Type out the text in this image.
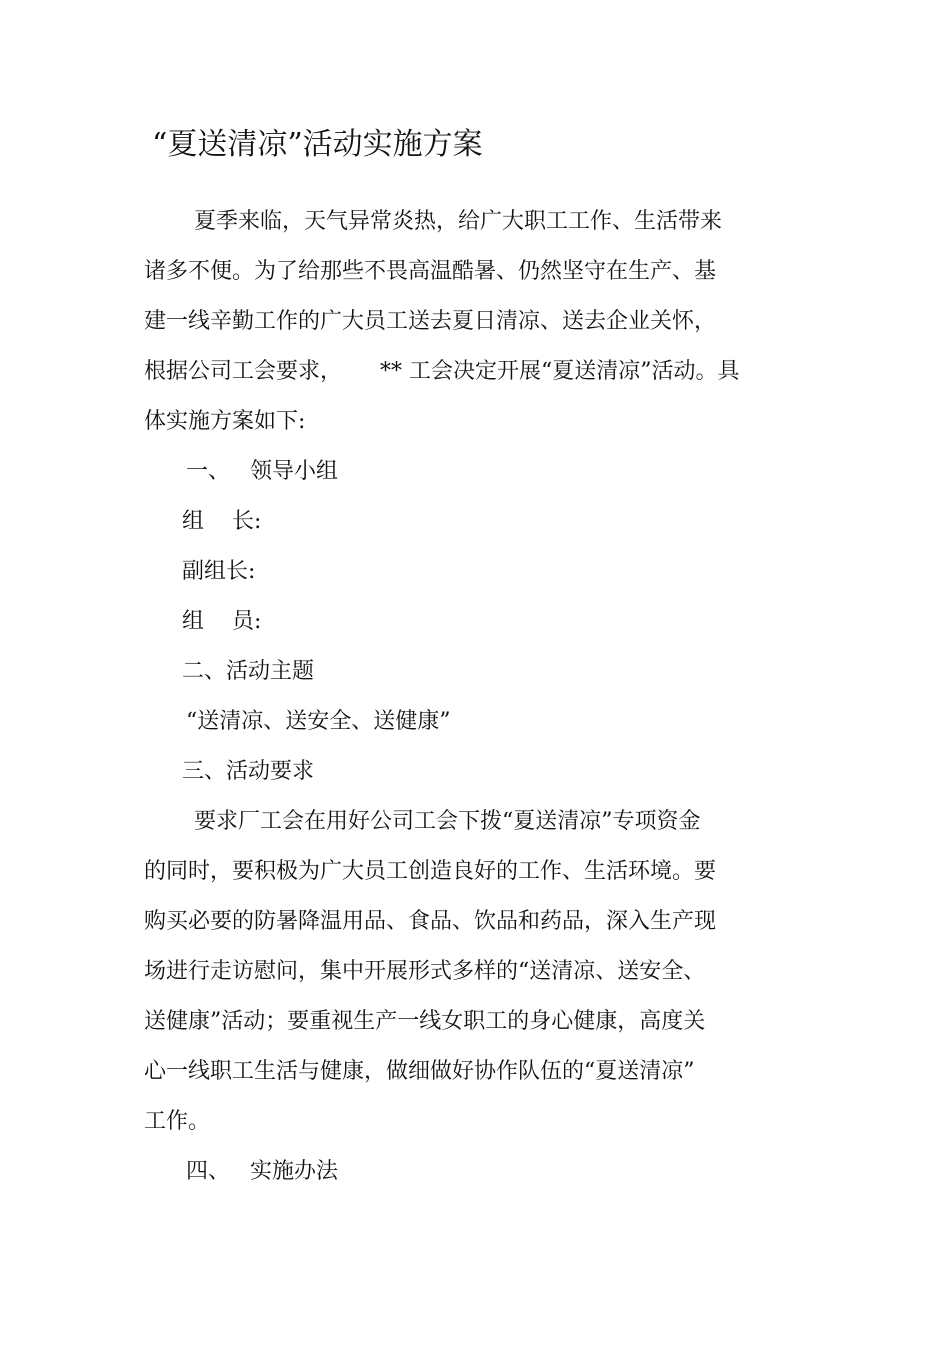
“夏送清凉”活动实施方案
夏季来临，天气异常炎热，给广大职工工作、生活带来
诸多不便。为了给那些不畏高温酷暑、仍然坚守在生产、基
建一线辛勤工作的广大员工送去夏日清凉、送去企业关怀，
根据公司工会要求， ** 工会决定开展“夏送清凉”活动。具
体实施方案如下:
一、 领导小组
组 长:
副组长:
组 员:
二、活动主题
“送清凉、送安全、送健康”
三、活动要求
要求厂工会在用好公司工会下拨“夏送清凉”专项资金
的同时，要积极为广大员工创造良好的工作、生活环境。要
购买必要的防暑降温用品、食品、饮品和药品，深入生产现
场进行走访慰问，集中开展形式多样的“送清凉、送安全、
送健康”活动；要重视生产一线女职工的身心健康，高度关
心一线职工生活与健康，做细做好协作队伍的“夏送清凉”
工作。
四、 实施办法
